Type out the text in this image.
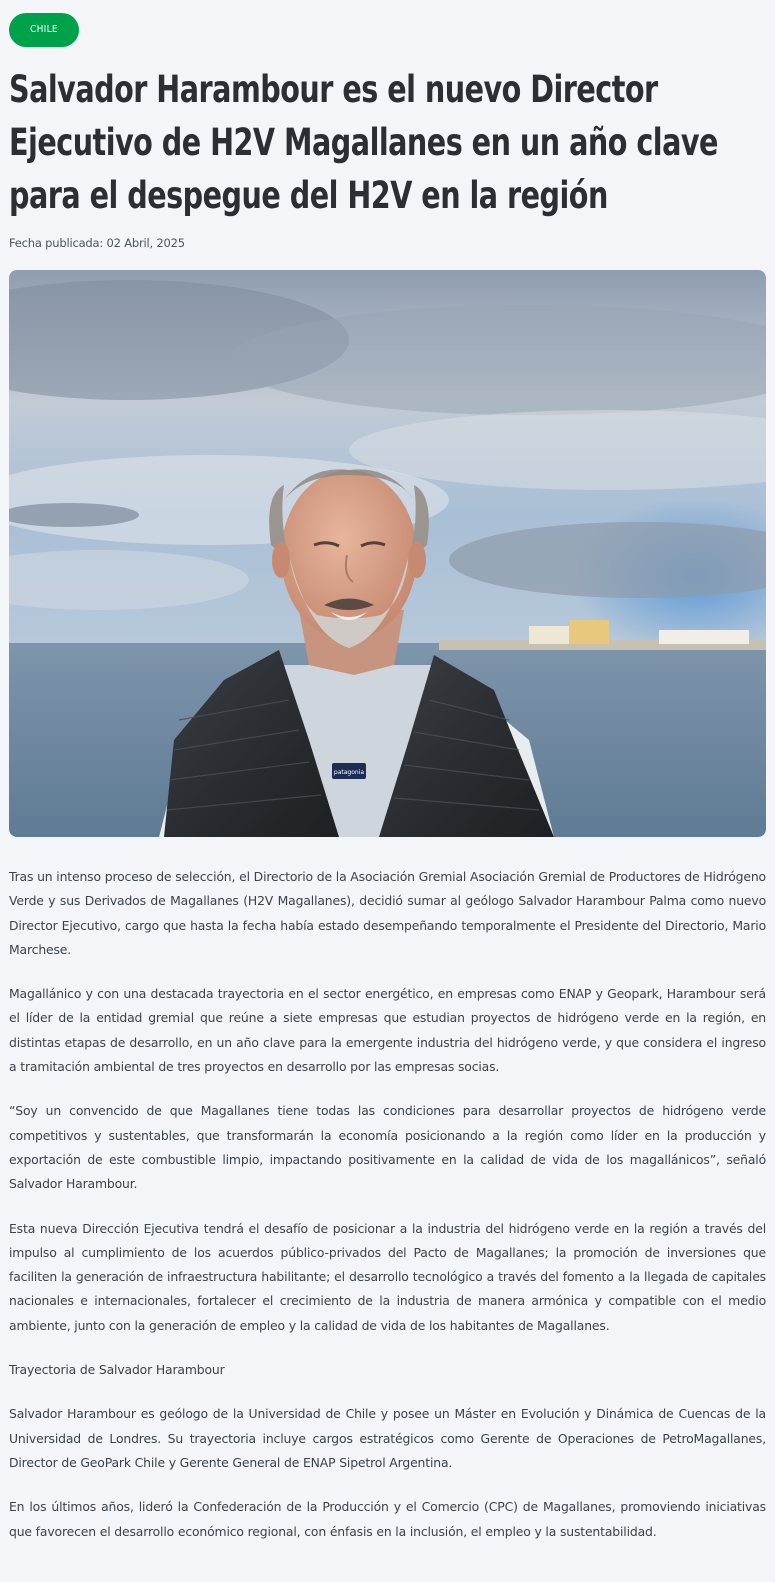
CHILE
Salvador Harambour es el nuevo Director Ejecutivo de H2V Magallanes en un año clave para el despegue del H2V en la región
Fecha publicada: 02 Abril, 2025
patagonia

Tras un intenso proceso de selección, el Directorio de la Asociación Gremial Asociación Gremial de Productores de Hidrógeno Verde y sus Derivados de Magallanes (H2V Magallanes), decidió sumar al geólogo Salvador Harambour Palma como nuevo Director Ejecutivo, cargo que hasta la fecha había estado desempeñando temporalmente el Presidente del Directorio, Mario Marchese.

Magallánico y con una destacada trayectoria en el sector energético, en empresas como ENAP y Geopark, Harambour será el líder de la entidad gremial que reúne a siete empresas que estudian proyectos de hidrógeno verde en la región, en distintas etapas de desarrollo, en un año clave para la emergente industria del hidrógeno verde, y que considera el ingreso a tramitación ambiental de tres proyectos en desarrollo por las empresas socias.

“Soy un convencido de que Magallanes tiene todas las condiciones para desarrollar proyectos de hidrógeno verde competitivos y sustentables, que transformarán la economía posicionando a la región como líder en la producción y exportación de este combustible limpio, impactando positivamente en la calidad de vida de los magallánicos”, señaló Salvador Harambour.

Esta nueva Dirección Ejecutiva tendrá el desafío de posicionar a la industria del hidrógeno verde en la región a través del impulso al cumplimiento de los acuerdos público-privados del Pacto de Magallanes; la promoción de inversiones que faciliten la generación de infraestructura habilitante; el desarrollo tecnológico a través del fomento a la llegada de capitales nacionales e internacionales, fortalecer el crecimiento de la industria de manera armónica y compatible con el medio ambiente, junto con la generación de empleo y la calidad de vida de los habitantes de Magallanes.

Trayectoria de Salvador Harambour

Salvador Harambour es geólogo de la Universidad de Chile y posee un Máster en Evolución y Dinámica de Cuencas de la Universidad de Londres. Su trayectoria incluye cargos estratégicos como Gerente de Operaciones de PetroMagallanes, Director de GeoPark Chile y Gerente General de ENAP Sipetrol Argentina.

En los últimos años, lideró la Confederación de la Producción y el Comercio (CPC) de Magallanes, promoviendo iniciativas que favorecen el desarrollo económico regional, con énfasis en la inclusión, el empleo y la sustentabilidad.
